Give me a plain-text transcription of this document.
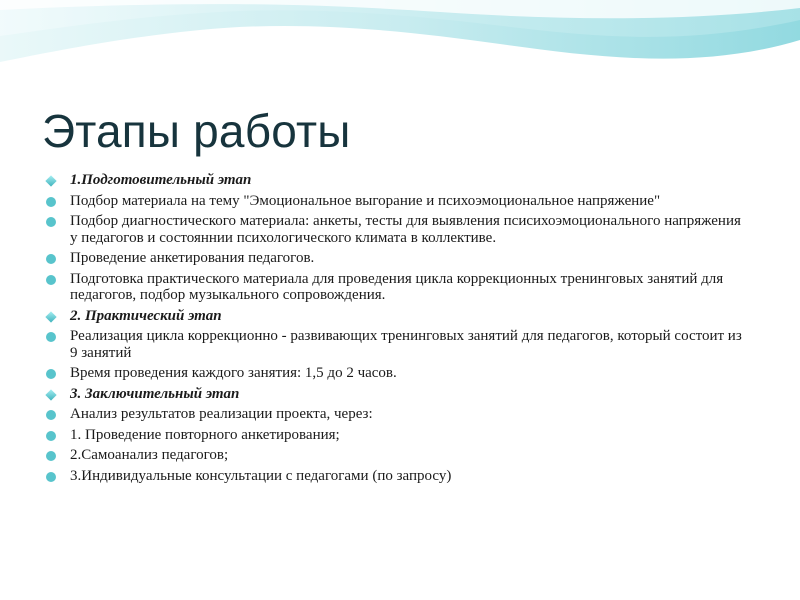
Этапы работы
1.Подготовительный этап
Подбор материала на тему "Эмоциональное выгорание и психоэмоциональное напряжение"
Подбор диагностического материала: анкеты, тесты для выявления псисихоэмоционального напряжения у педагогов и состояннии психологического климата в коллективе.
Проведение анкетирования педагогов.
Подготовка практического материала для проведения цикла коррекционных тренинговых занятий для педагогов, подбор музыкального сопровождения.
2. Практический этап
Реализация цикла коррекционно - развивающих тренинговых занятий для педагогов, который состоит из 9 занятий
Время проведения каждого занятия: 1,5 до 2 часов.
3. Заключительный этап
Анализ результатов реализации проекта, через:
1. Проведение повторного анкетирования;
2.Самоанализ педагогов;
3.Индивидуальные консультации с педагогами (по запросу)
